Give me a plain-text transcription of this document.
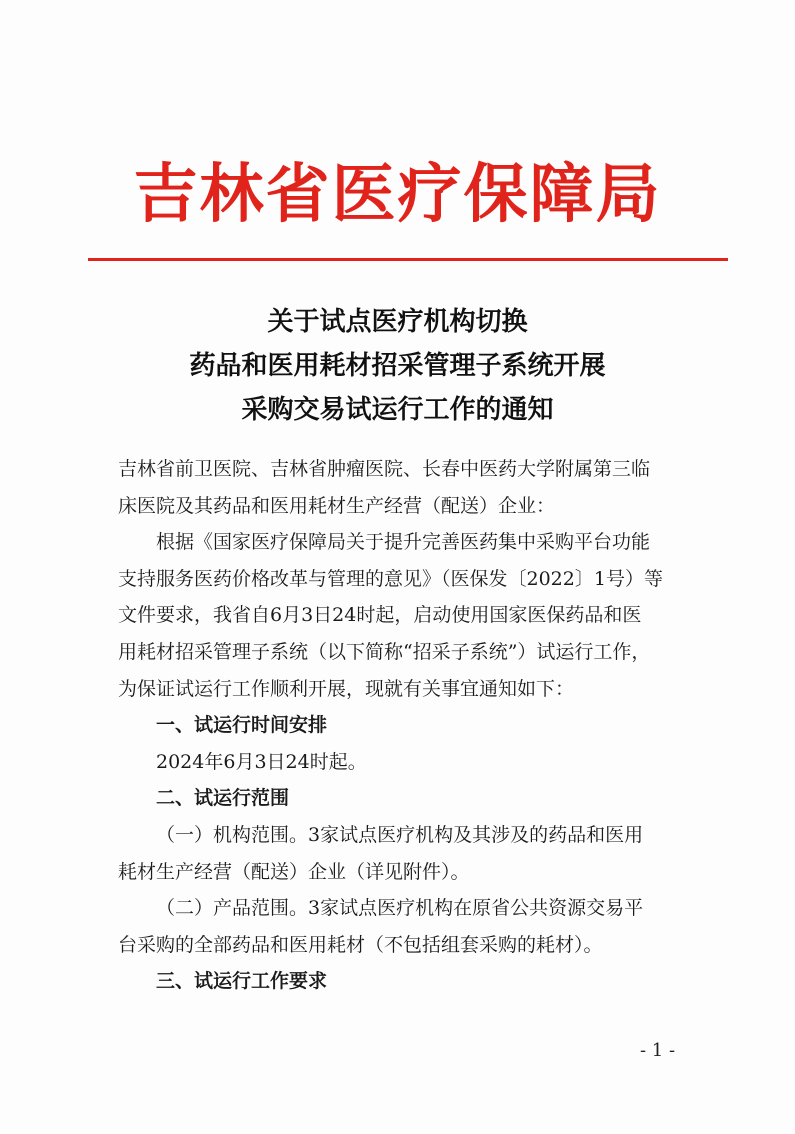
吉林省医疗保障局
关于试点医疗机构切换
药品和医用耗材招采管理子系统开展
采购交易试运行工作的通知

吉林省前卫医院、吉林省肿瘤医院、长春中医药大学附属第三临

床医院及其药品和医用耗材生产经营（配送）企业：

根据《国家医疗保障局关于提升完善医药集中采购平台功能

支持服务医药价格改革与管理的意见》（医保发〔2022〕1号）等

文件要求，我省自6月3日24时起，启动使用国家医保药品和医

用耗材招采管理子系统（以下简称“招采子系统”）试运行工作，

为保证试运行工作顺利开展，现就有关事宜通知如下：

一、试运行时间安排

2024年6月3日24时起。

二、试运行范围

（一）机构范围。3家试点医疗机构及其涉及的药品和医用

耗材生产经营（配送）企业（详见附件）。

（二）产品范围。3家试点医疗机构在原省公共资源交易平

台采购的全部药品和医用耗材（不包括组套采购的耗材）。

三、试运行工作要求

- 1 -
